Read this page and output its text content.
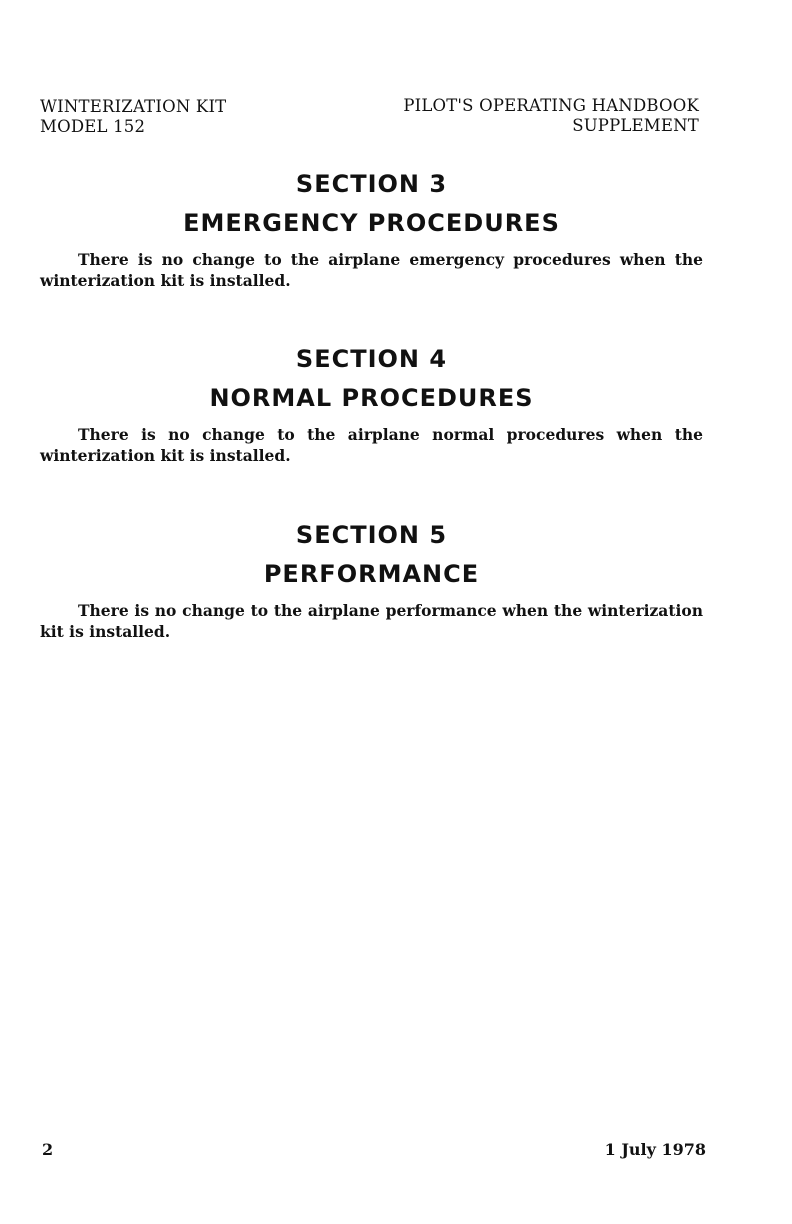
WINTERIZATION KIT
MODEL 152
PILOT'S OPERATING HANDBOOK
SUPPLEMENT
SECTION 3
EMERGENCY PROCEDURES

There is no change to the airplane emergency procedures when the winterization kit is installed.

SECTION 4
NORMAL PROCEDURES

There is no change to the airplane normal procedures when the winterization kit is installed.

SECTION 5
PERFORMANCE

There is no change to the airplane performance when the winterization kit is installed.

2	1 July 1978
